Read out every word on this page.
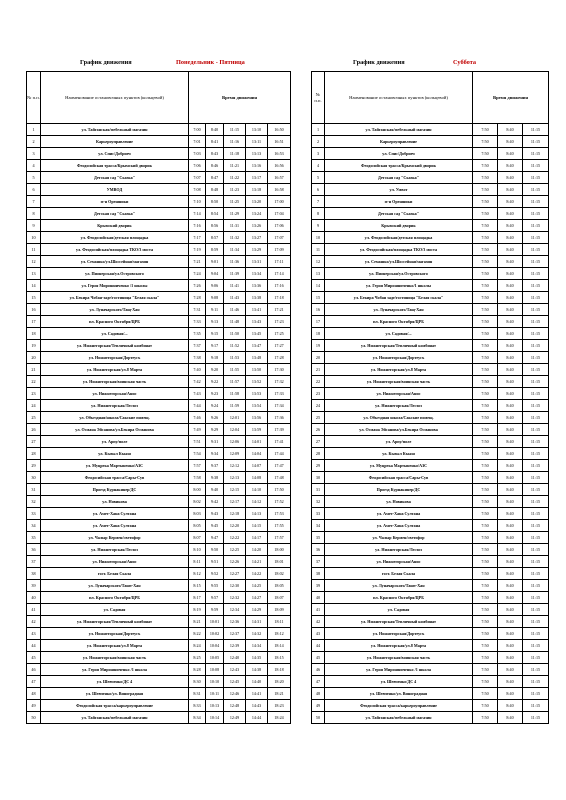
График движения	Понедельник - Пятница
№ п.п.	Наименование остановочных пунктов (кольцевой)	Время движения				
1	ул. Тайганская/мебельный магазин	7:00	8:40	11:15	13:10	16:50
2	Карьероуправление	7:01	8:41	11:16	13:11	16:51
3	ул. Спис/Добриеч	7:03	8:43	11:18	13:13	16:53
4	Феодосийская трасса/Крымский дворик	7:06	8:46	11:21	13:16	16:56
5	Детская сад "Сказка"	7:07	8:47	11:22	13:17	16:57
6	УМВОД	7:08	8:48	11:23	13:18	16:58
7	м-н Орешники	7:10	8:50	11:25	13:20	17:00
8	Детская сад "Сказка"	7:14	8:54	11:29	13:24	17:04
9	Крымский дворик	7:16	8:56	11:31	13:26	17:06
10	ул. Феодосийская/детская площадка	7:17	8:57	11:32	13:27	17:07
11	ул. Феодосийская/площадка ТКО/3 моста	7:19	8:59	11:34	13:29	17:09
12	ул. Семашко/ул.Шоссейная/магазин	7:21	9:01	11:36	13:31	17:11
13	ул. Пионерская/ул.Островского	7:24	9:04	11:39	13:34	17:14
14	ул. Героя Мирошниченко /1 школы	7:26	9:06	11:41	13:36	17:16
15	ул. Бекира Чобан-заде/гостиница "Белая скала"	7:28	9:08	11:43	13:38	17:18
16	ул. Луначарского/Тащ-Хан	7:31	9:11	11:46	13:41	17:21
17	пл. Красного Октября/ЦРБ	7:33	9:13	11:48	13:43	17:23
18	ул. Садовая/...	7:35	9:15	11:50	13:45	17:25
19	ул. Нижнегорская/Тепличный комбинат	7:37	9:17	11:52	13:47	17:27
20	ул. Нижнегорская/Дортеусъ	7:38	9:18	11:53	13:48	17:28
21	ул. Нижнегорская/ул.8 Марта	7:40	9:20	11:55	13:50	17:30
22	ул. Нижнегорская/воинская часть	7:42	9:22	11:57	13:52	17:32
23	ул. Нижнегорская/Анис	7:43	9:23	11:58	13:53	17:33
24	ул. Нижнегорская/Лесхоз	7:44	9:24	11:59	13:54	17:34
25	ул. Объездная/школа/Сакские помещ.	7:46	9:26	12:01	13:56	17:36
26	ул. Османа Эйсанова/ул.Бекира Османова	7:49	9:29	12:04	13:59	17:39
27	ул. Арпу/поле	7:51	9:31	12:06	14:01	17:41
28	ул. Кызыл Къыш	7:54	9:34	12:09	14:04	17:44
29	ул. Муцрека Мартыненко/АЗС	7:57	9:37	12:12	14:07	17:47
30	Феодосийская трасса/Сары-Сув	7:58	9:38	12:13	14:08	17:48
31	Проезд Курнакинер/ДС	8:00	9:40	12:15	14:10	17:50
32	ул. Новикова	8:02	9:42	12:17	14:12	17:52
33	ул. Амет-Хана Султана	8:03	9:43	12:18	14:13	17:53
34	ул. Амет-Хана Султана	8:05	9:45	12:20	14:15	17:55
35	ул. Чалыр Кермен/светофор	8:07	9:47	12:22	14:17	17:57
36	ул. Нижнегорская/Лесхоз	8:10	9:50	12:25	14:20	18:00
37	ул. Нижнегорская/Анис	8:11	9:51	12:26	14:21	18:01
38	гост. Белая Скала	8:12	9:52	12:27	14:22	18:02
39	ул. Луначарского/Ташт-Хан	8:15	9:55	12:30	14:25	18:05
40	пл. Красного Октября/ЦРБ	8:17	9:57	12:32	14:27	18:07
41	ул. Садовая	8:19	9:59	12:34	14:29	18:09
42	ул. Нижнегорская/Тепличный комбинат	8:21	10:01	12:36	14:31	18:11
43	ул. Нижнегорская/Дортеусъ	8:22	10:02	12:37	14:32	18:12
44	ул. Нижнегорская/ул.8 Марта	8:24	10:04	12:39	14:34	18:14
45	ул. Нижнегорская/воинская часть	8:25	10:05	12:40	14:35	18:15
46	ул. Героя Мирошниченко /1 школа	8:28	10:08	12:43	14:38	18:18
47	ул. Шевченко/ДС 4	8:30	10:10	12:45	14:40	18:20
48	ул. Шевченко/ул. Виноградная	8:31	10:11	12:46	14:41	18:21
49	Феодосийская трасса/карьероуправление	8:33	10:13	12:48	14:43	18:23
50	ул. Тайганская/мебельный магазин	8:34	10:14	12:49	14:44	18:24
График движения	Суббота
№ п.п.	Наименование остановочных пунктов (кольцевой)	Время движения		
1	ул. Тайганская/мебельный магазин	7:50	8:40	11:15
2	Карьероуправление	7:50	8:40	11:15
3	ул. Спис/Добриеч	7:50	8:40	11:15
4	Феодосийская трасса/Крымский дворик	7:50	8:40	11:15
5	Детская сад "Сказка"	7:50	8:40	11:15
6	ул. Умвот	7:50	8:40	11:15
7	м-н Орешники	7:50	8:40	11:15
8	Детская сад "Сказка"	7:50	8:40	11:15
9	Крымский дворик	7:50	8:40	11:15
10	ул. Феодосийская/детская площадка	7:50	8:40	11:15
11	ул. Феодосийская/площадка ТКО/3 моста	7:50	8:40	11:15
12	ул. Семашко/ул.Шоссейная/магазин	7:50	8:40	11:15
13	ул. Пионерская/ул.Островского	7:50	8:40	11:15
14	ул. Героя Мирошниченко/1 школы	7:50	8:40	11:15
15	ул. Бекира Чобан заде/гостиница "Белая скала"	7:50	8:40	11:15
16	ул. Луначарского/Тащ-Хан	7:50	8:40	11:15
17	пл. Красного Октября/ЦРБ	7:50	8:40	11:15
18	ул. Садовая/...	7:50	8:40	11:15
19	ул. Нижнегорская/Тепличный комбинат	7:50	8:40	11:15
20	ул. Нижнегорская/Дортеусъ	7:50	8:40	11:15
21	ул. Нижнегорская/ул.8 Марта	7:50	8:40	11:15
22	ул. Нижнегорская/воинская часть	7:50	8:40	11:15
23	ул. Нижнегорская/Анис	7:50	8:40	11:15
24	ул. Нижнегорская/Лесхоз	7:50	8:40	11:15
25	ул. Объездная школа/Сакские помещ.	7:50	8:40	11:15
26	ул. Османа Эйсанова/ул.Бекира Османова	7:50	8:40	11:15
27	ул. Арпу/поле	7:50	8:40	11:15
28	ул. Кызыл Къыш	7:50	8:40	11:15
29	ул. Муцрека Мартыненко/АЗС	7:50	8:40	11:15
30	Феодосийская трасса/Сары-Сув	7:50	8:40	11:15
31	Проезд Курнакинер/ДС	7:50	8:40	11:15
32	ул. Новикова	7:50	8:40	11:15
33	ул. Амет-Хана Султана	7:50	8:40	11:15
34	ул. Амет-Хана Султана	7:50	8:40	11:15
35	ул. Чалыр Кермен/светофор	7:50	8:40	11:15
36	ул. Нижнегорская/Лесхоз	7:50	8:40	11:15
37	ул. Нижнегорская/Анис	7:50	8:40	11:15
38	гост. Белая Скала	7:50	8:40	11:15
39	ул. Луначарского/Ташт-Хан	7:50	8:40	11:15
40	пл. Красного Октября/ЦРБ	7:50	8:40	11:15
41	ул. Садовая	7:50	8:40	11:15
42	ул. Нижнегорская/Тепличный комбинат	7:50	8:40	11:15
43	ул. Нижнегорская/Дортеусъ	7:50	8:40	11:15
44	ул. Нижнегорская/ул.8 Марта	7:50	8:40	11:15
45	ул. Нижнегорская/воинская часть	7:50	8:40	11:15
46	ул. Героя Мирошниченко /1 школа	7:50	8:40	11:15
47	ул. Шевченко/ДС 4	7:50	8:40	11:15
48	ул. Шевченко/ул. Виноградная	7:50	8:40	11:15
49	Феодосийская трасса/карьероуправление	7:50	8:40	11:15
50	ул. Тайганская/мебельный магазин	7:50	8:40	11:15
